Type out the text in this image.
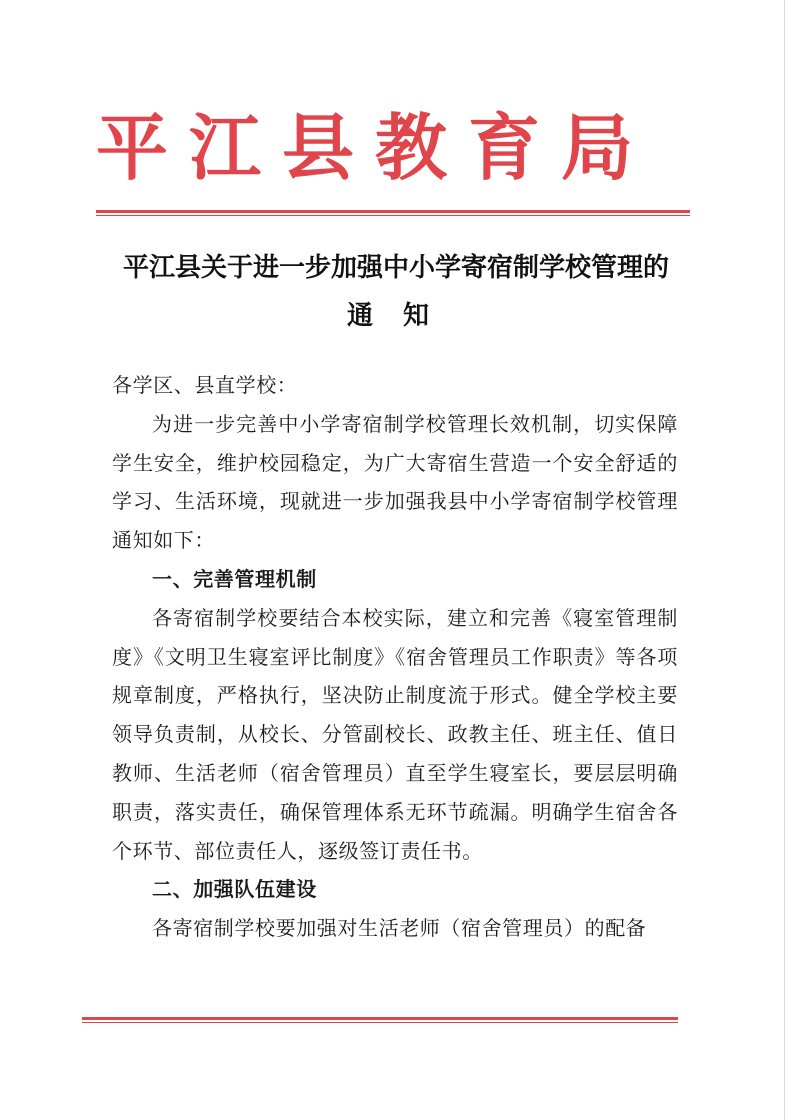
平江县教育局
平江县关于进一步加强中小学寄宿制学校管理的
通知

各学区、县直学校：

为进一步完善中小学寄宿制学校管理长效机制，切实保障学生安全，维护校园稳定，为广大寄宿生营造一个安全舒适的学习、生活环境，现就进一步加强我县中小学寄宿制学校管理通知如下：

一、完善管理机制

各寄宿制学校要结合本校实际，建立和完善《寝室管理制度》《文明卫生寝室评比制度》《宿舍管理员工作职责》等各项规章制度，严格执行，坚决防止制度流于形式。健全学校主要领导负责制，从校长、分管副校长、政教主任、班主任、值日教师、生活老师（宿舍管理员）直至学生寝室长，要层层明确职责，落实责任，确保管理体系无环节疏漏。明确学生宿舍各个环节、部位责任人，逐级签订责任书。

二、加强队伍建设

各寄宿制学校要加强对生活老师（宿舍管理员）的配备
